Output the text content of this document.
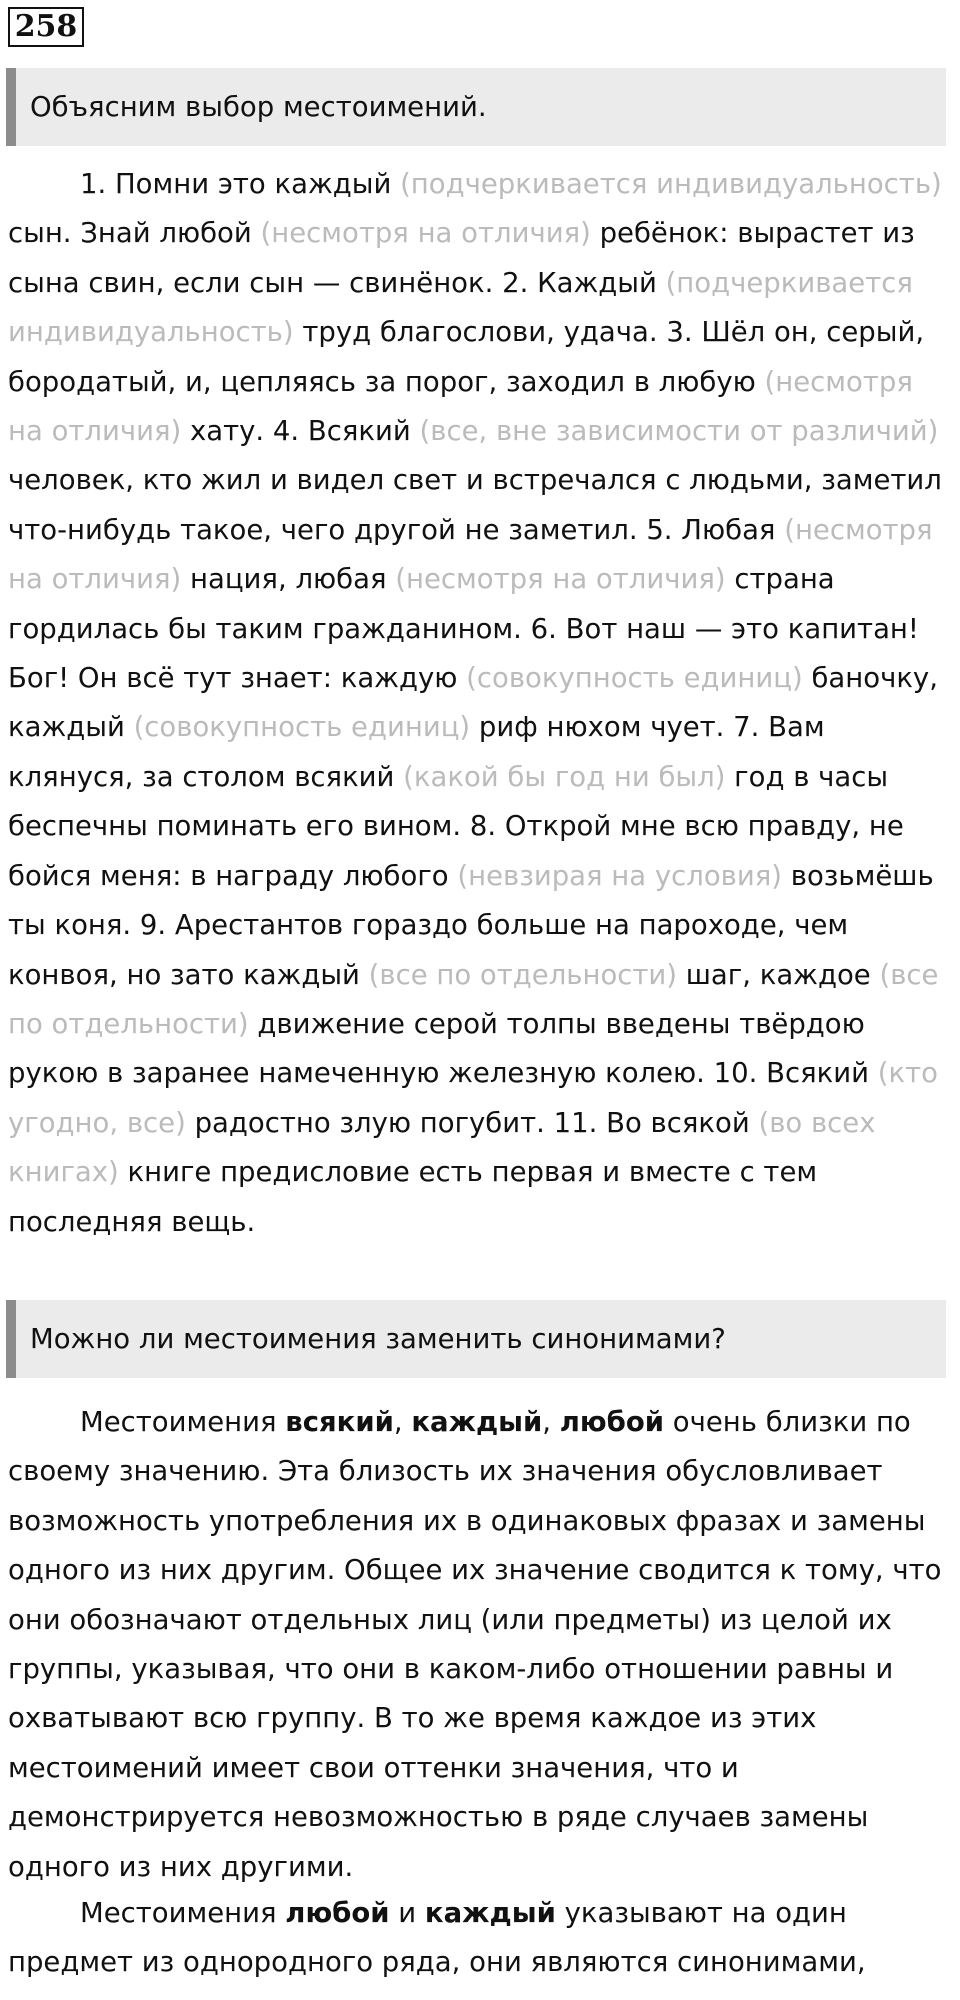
258
Объясним выбор местоимений.

1. Помни это каждый (подчеркивается индивидуальность) сын. Знай любой (несмотря на отличия) ребёнок: вырастет из сына свин, если сын — свинёнок. 2. Каждый (подчеркивается индивидуальность) труд благослови, удача. 3. Шёл он, серый, бородатый, и, цепляясь за порог, заходил в любую (несмотря на отличия) хату. 4. Всякий (все, вне зависимости от различий) человек, кто жил и видел свет и встречался с людьми, заметил что-нибудь такое, чего другой не заметил. 5. Любая (несмотря на отличия) нация, любая (несмотря на отличия) страна гордилась бы таким гражданином. 6. Вот наш — это капитан! Бог! Он всё тут знает: каждую (совокупность единиц) баночку, каждый (совокупность единиц) риф нюхом чует. 7. Вам клянуся, за столом всякий (какой бы год ни был) год в часы беспечны поминать его вином. 8. Открой мне всю правду, не бойся меня: в награду любого (невзирая на условия) возьмёшь ты коня. 9. Арестантов гораздо больше на пароходе, чем конвоя, но зато каждый (все по отдельности) шаг, каждое (все по отдельности) движение серой толпы введены твёрдою рукою в заранее намеченную железную колею. 10. Всякий (кто угодно, все) радостно злую погубит. 11. Во всякой (во всех книгах) книге предисловие есть первая и вместе с тем последняя вещь.

Можно ли местоимения заменить синонимами?

Местоимения всякий, каждый, любой очень близки по своему значению. Эта близость их значения обусловливает возможность употребления их в одинаковых фразах и замены одного из них другим. Общее их значение сводится к тому, что они обозначают отдельных лиц (или предметы) из целой их группы, указывая, что они в каком-либо отношении равны и охватывают всю группу. В то же время каждое из этих местоимений имеет свои оттенки значения, что и демонстрируется невозможностью в ряде случаев замены одного из них другими.

Местоимения любой и каждый указывают на один предмет из однородного ряда, они являются синонимами,
